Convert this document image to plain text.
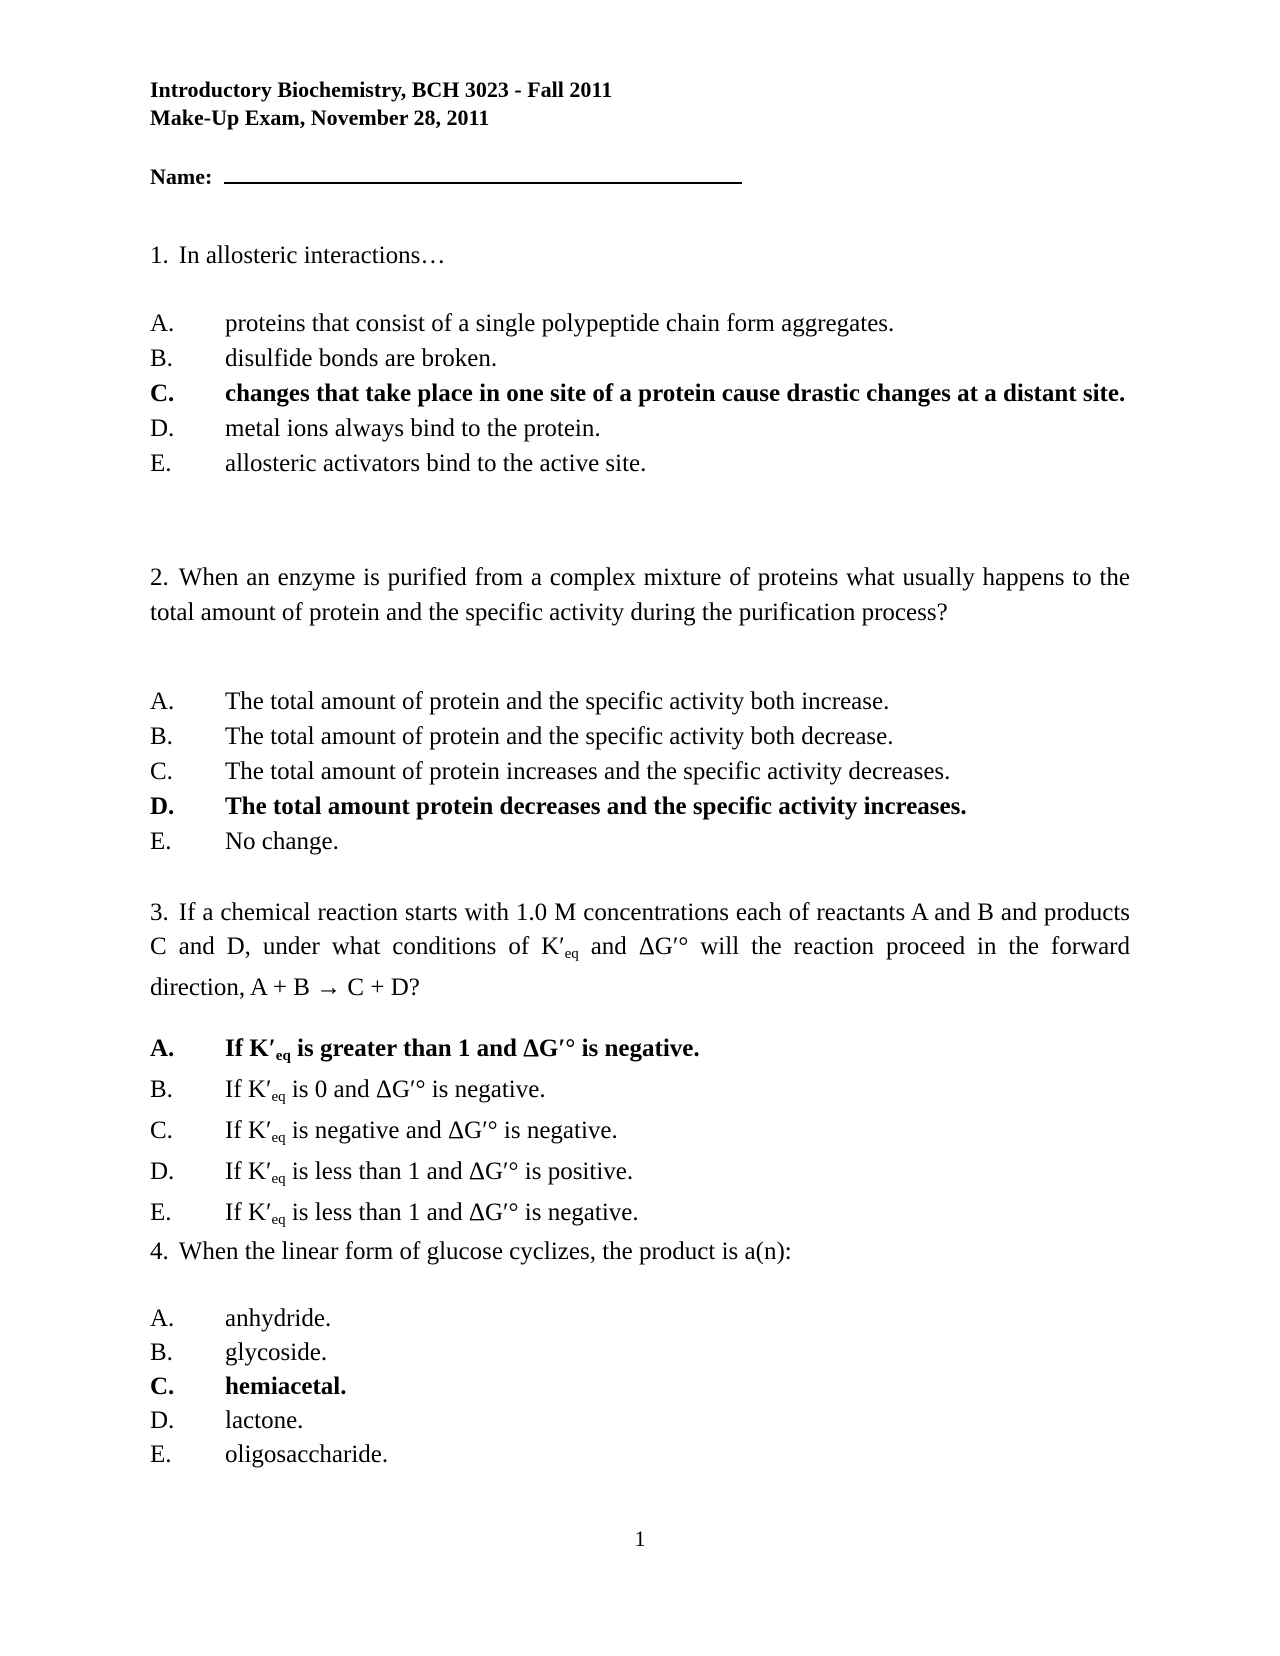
Introductory Biochemistry, BCH 3023 - Fall 2011
Make-Up Exam, November 28, 2011
Name:
1. In allosteric interactions…
A.	proteins that consist of a single polypeptide chain form aggregates.
B.	disulfide bonds are broken.
C.	changes that take place in one site of a protein cause drastic changes at a distant site.
D.	metal ions always bind to the protein.
E.	allosteric activators bind to the active site.
2. When an enzyme is purified from a complex mixture of proteins what usually happens to the total amount of protein and the specific activity during the purification process?
A.	The total amount of protein and the specific activity both increase.
B.	The total amount of protein and the specific activity both decrease.
C.	The total amount of protein increases and the specific activity decreases.
D.	The total amount protein decreases and the specific activity increases.
E.	No change.
3. If a chemical reaction starts with 1.0 M concentrations each of reactants A and B and products C and D, under what conditions of $K'_{eq}$ and ΔG′° will the reaction proceed in the forward direction, A + B → C + D?
A.	If $K'_{eq}$ is greater than 1 and ΔG′° is negative.
B.	If $K'_{eq}$ is 0 and ΔG′° is negative.
C.	If $K'_{eq}$ is negative and ΔG′° is negative.
D.	If $K'_{eq}$ is less than 1 and ΔG′° is positive.
E.	If $K'_{eq}$ is less than 1 and ΔG′° is negative.
4. When the linear form of glucose cyclizes, the product is a(n):
A.	anhydride.
B.	glycoside.
C.	hemiacetal.
D.	lactone.
E.	oligosaccharide.
1
